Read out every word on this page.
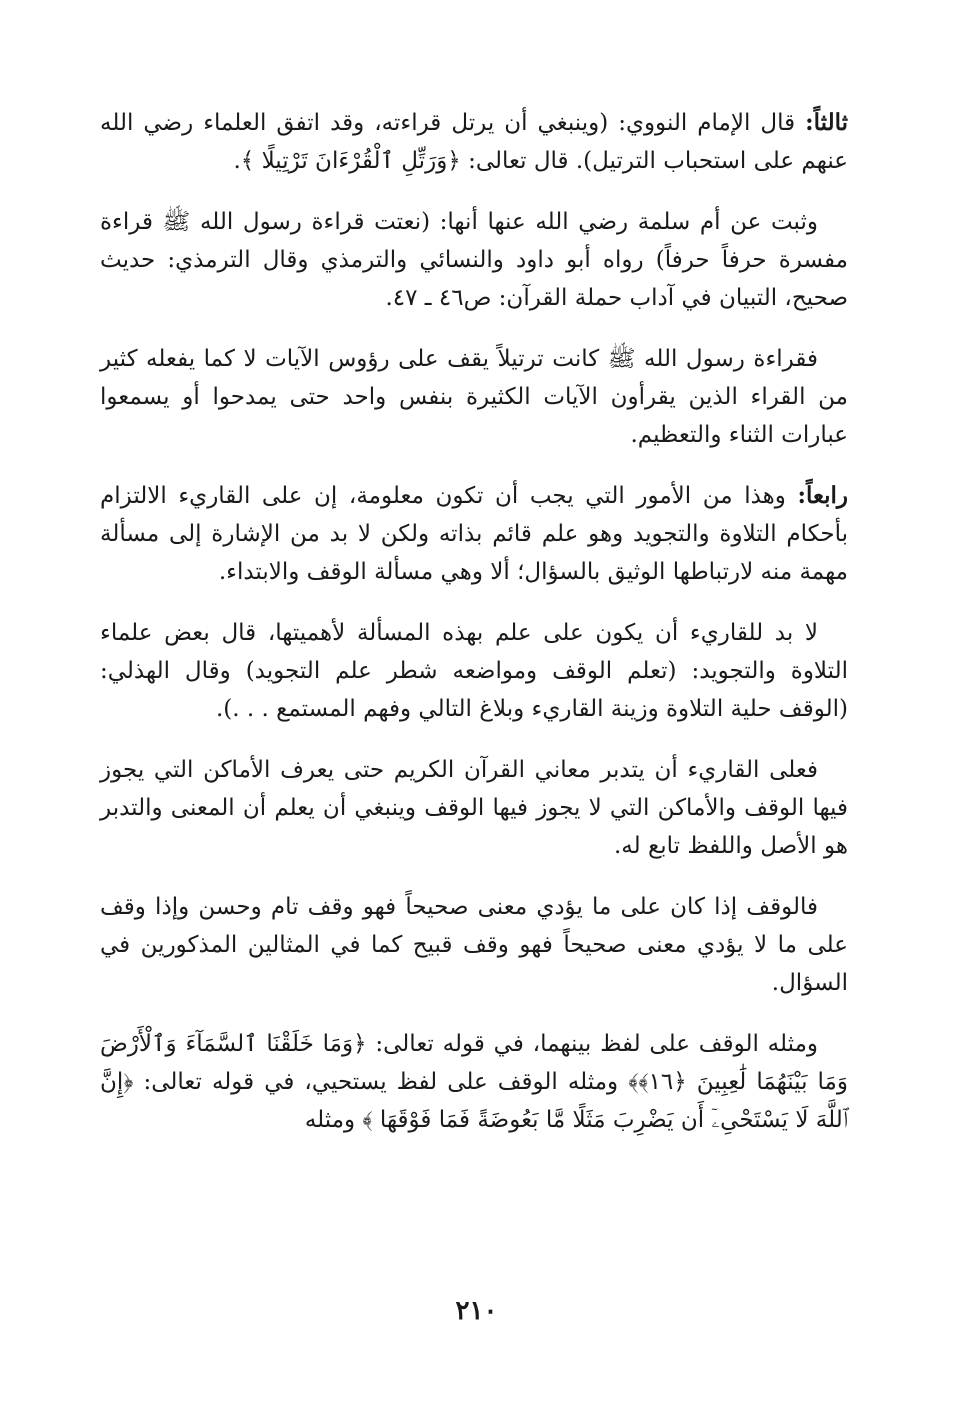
ثالثاً: قال الإمام النووي: (وينبغي أن يرتل قراءته، وقد اتفق العلماء رضي الله عنهم على استحباب الترتيل). قال تعالى: ﴿وَرَتِّلِ ٱلْقُرْءَانَ تَرْتِيلًا ﴾.

وثبت عن أم سلمة رضي الله عنها أنها: (نعتت قراءة رسول الله ﷺ قراءة مفسرة حرفاً حرفاً) رواه أبو داود والنسائي والترمذي وقال الترمذي: حديث صحيح، التبيان في آداب حملة القرآن: ص٤٦ ـ ٤٧.

فقراءة رسول الله ﷺ كانت ترتيلاً يقف على رؤوس الآيات لا كما يفعله كثير من القراء الذين يقرأون الآيات الكثيرة بنفس واحد حتى يمدحوا أو يسمعوا عبارات الثناء والتعظيم.

رابعاً: وهذا من الأمور التي يجب أن تكون معلومة، إن على القاريء الالتزام بأحكام التلاوة والتجويد وهو علم قائم بذاته ولكن لا بد من الإشارة إلى مسألة مهمة منه لارتباطها الوثيق بالسؤال؛ ألا وهي مسألة الوقف والابتداء.

لا بد للقاريء أن يكون على علم بهذه المسألة لأهميتها، قال بعض علماء التلاوة والتجويد: (تعلم الوقف ومواضعه شطر علم التجويد) وقال الهذلي: (الوقف حلية التلاوة وزينة القاريء وبلاغ التالي وفهم المستمع . . .).

فعلى القاريء أن يتدبر معاني القرآن الكريم حتى يعرف الأماكن التي يجوز فيها الوقف والأماكن التي لا يجوز فيها الوقف وينبغي أن يعلم أن المعنى والتدبر هو الأصل واللفظ تابع له.

فالوقف إذا كان على ما يؤدي معنى صحيحاً فهو وقف تام وحسن وإذا وقف على ما لا يؤدي معنى صحيحاً فهو وقف قبيح كما في المثالين المذكورين في السؤال.

ومثله الوقف على لفظ بينهما، في قوله تعالى: ﴿وَمَا خَلَقْنَا ٱلسَّمَآءَ وَٱلْأَرْضَ وَمَا بَيْنَهُمَا لَٰعِبِينَ ﴿١٦﴾﴾ ومثله الوقف على لفظ يستحيي، في قوله تعالى: ﴿إِنَّ ٱللَّهَ لَا يَسْتَحْىِۦٓ أَن يَضْرِبَ مَثَلًا مَّا بَعُوضَةً فَمَا فَوْقَهَا ﴾ ومثله

٢١٠
